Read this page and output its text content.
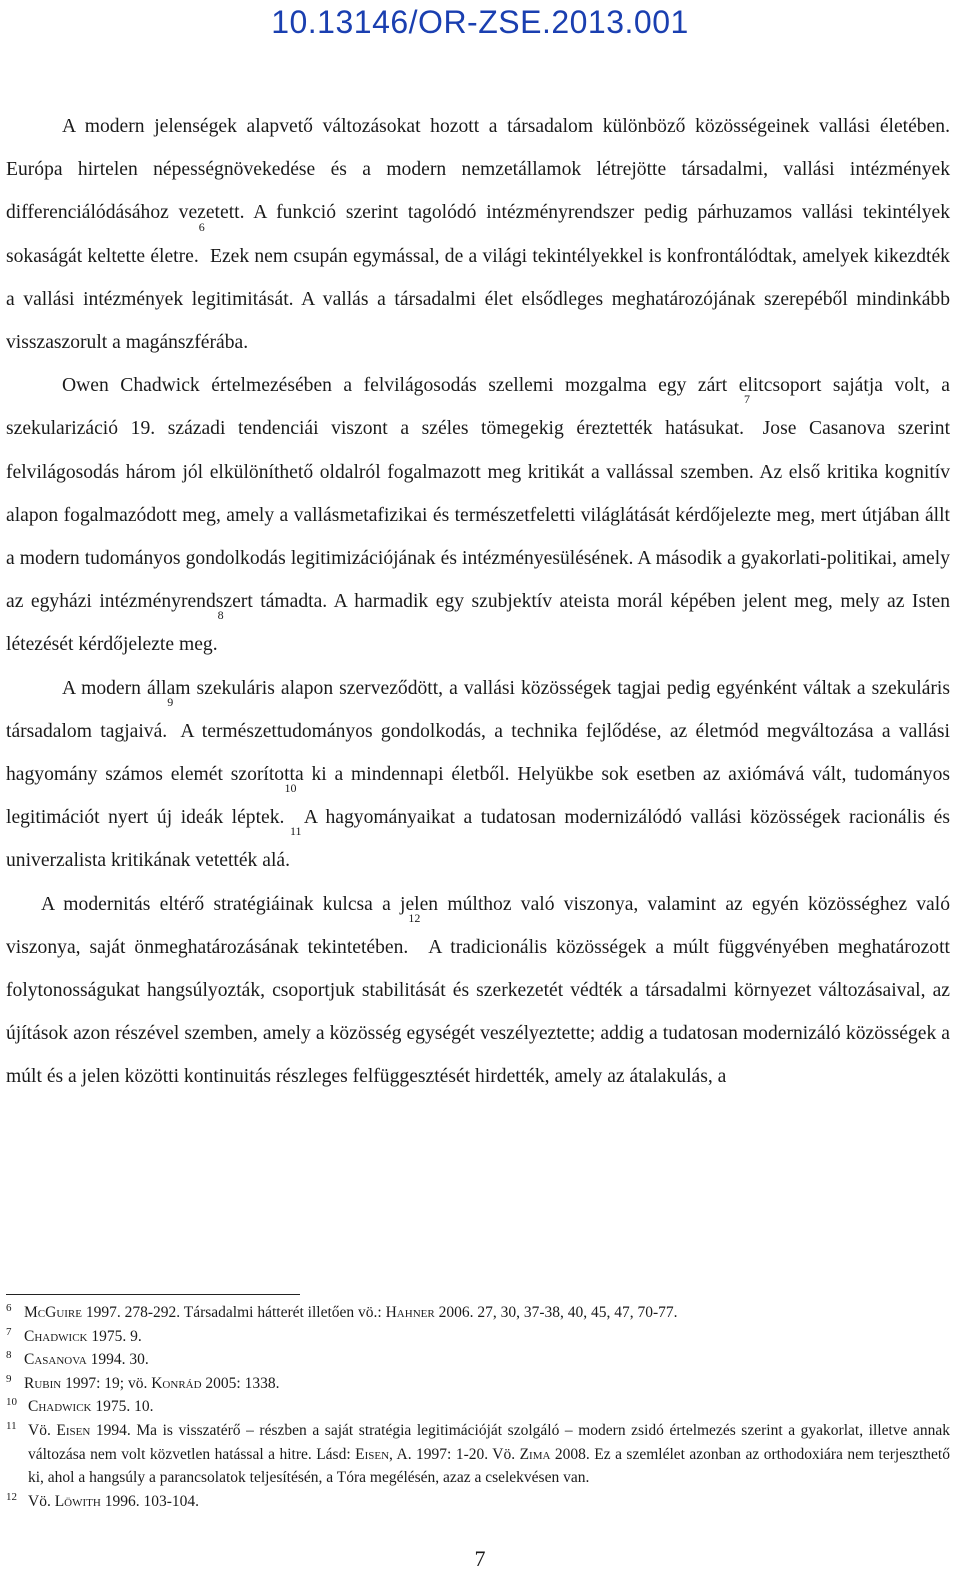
10.13146/OR-ZSE.2013.001

A modern jelenségek alapvető változásokat hozott a társadalom különböző közösségeinek vallási életében. Európa hirtelen népességnövekedése és a modern nemzetállamok létrejötte társadalmi, vallási intézmények differenciálódásához vezetett. A funkció szerint tagolódó intézményrendszer pedig párhuzamos vallási tekintélyek sokaságát keltette életre.$^6$ Ezek nem csupán egymással, de a világi tekintélyekkel is konfrontálódtak, amelyek kikezdték a vallási intézmények legitimitását. A vallás a társadalmi élet elsődleges meghatározójának szerepéből mindinkább visszaszorult a magánszférába.

Owen Chadwick értelmezésében a felvilágosodás szellemi mozgalma egy zárt elitcsoport sajátja volt, a szekularizáció 19. századi tendenciái viszont a széles tömegekig éreztették hatásukat.$^7$ Jose Casanova szerint felvilágosodás három jól elkülöníthető oldalról fogalmazott meg kritikát a vallással szemben. Az első kritika kognitív alapon fogalmazódott meg, amely a vallásmetafizikai és természetfeletti világlátását kérdőjelezte meg, mert útjában állt a modern tudományos gondolkodás legitimizációjának és intézményesülésének. A második a gyakorlati-politikai, amely az egyházi intézményrendszert támadta. A harmadik egy szubjektív ateista morál képében jelent meg, mely az Isten létezését kérdőjelezte meg.$^8$

A modern állam szekuláris alapon szerveződött, a vallási közösségek tagjai pedig egyénként váltak a szekuláris társadalom tagjaivá.$^9$ A természettudományos gondolkodás, a technika fejlődése, az életmód megváltozása a vallási hagyomány számos elemét szorította ki a mindennapi életből. Helyükbe sok esetben az axiómává vált, tudományos legitimációt nyert új ideák léptek.$^{10}$ A hagyományaikat a tudatosan modernizálódó vallási közösségek racionális és univerzalista kritikának vetették alá.$^{11}$

A modernitás eltérő stratégiáinak kulcsa a jelen múlthoz való viszonya, valamint az egyén közösséghez való viszonya, saját önmeghatározásának tekintetében.$^{12}$ A tradicionális közösségek a múlt függvényében meghatározott folytonosságukat hangsúlyozták, csoportjuk stabilitását és szerkezetét védték a társadalmi környezet változásaival, az újítások azon részével szemben, amely a közösség egységét veszélyeztette; addig a tudatosan modernizáló közösségek a múlt és a jelen közötti kontinuitás részleges felfüggesztését hirdették, amely az átalakulás, a

6 McGuire 1997. 278-292. Társadalmi hátterét illetően vö.: Hahner 2006. 27, 30, 37-38, 40, 45, 47, 70-77.
7 Chadwick 1975. 9.
8 Casanova 1994. 30.
9 Rubin 1997: 19; vö. Konrád 2005: 1338.
10 Chadwick 1975. 10.
11 Vö. Eisen 1994. Ma is visszatérő – részben a saját stratégia legitimációját szolgáló – modern zsidó értelmezés szerint a gyakorlat, illetve annak változása nem volt közvetlen hatással a hitre. Lásd: Eisen, A. 1997: 1-20. Vö. Zima 2008. Ez a szemlélet azonban az orthodoxiára nem terjeszthető ki, ahol a hangsúly a parancsolatok teljesítésén, a Tóra megélésén, azaz a cselekvésen van.
12 Vö. Löwith 1996. 103-104.
7
